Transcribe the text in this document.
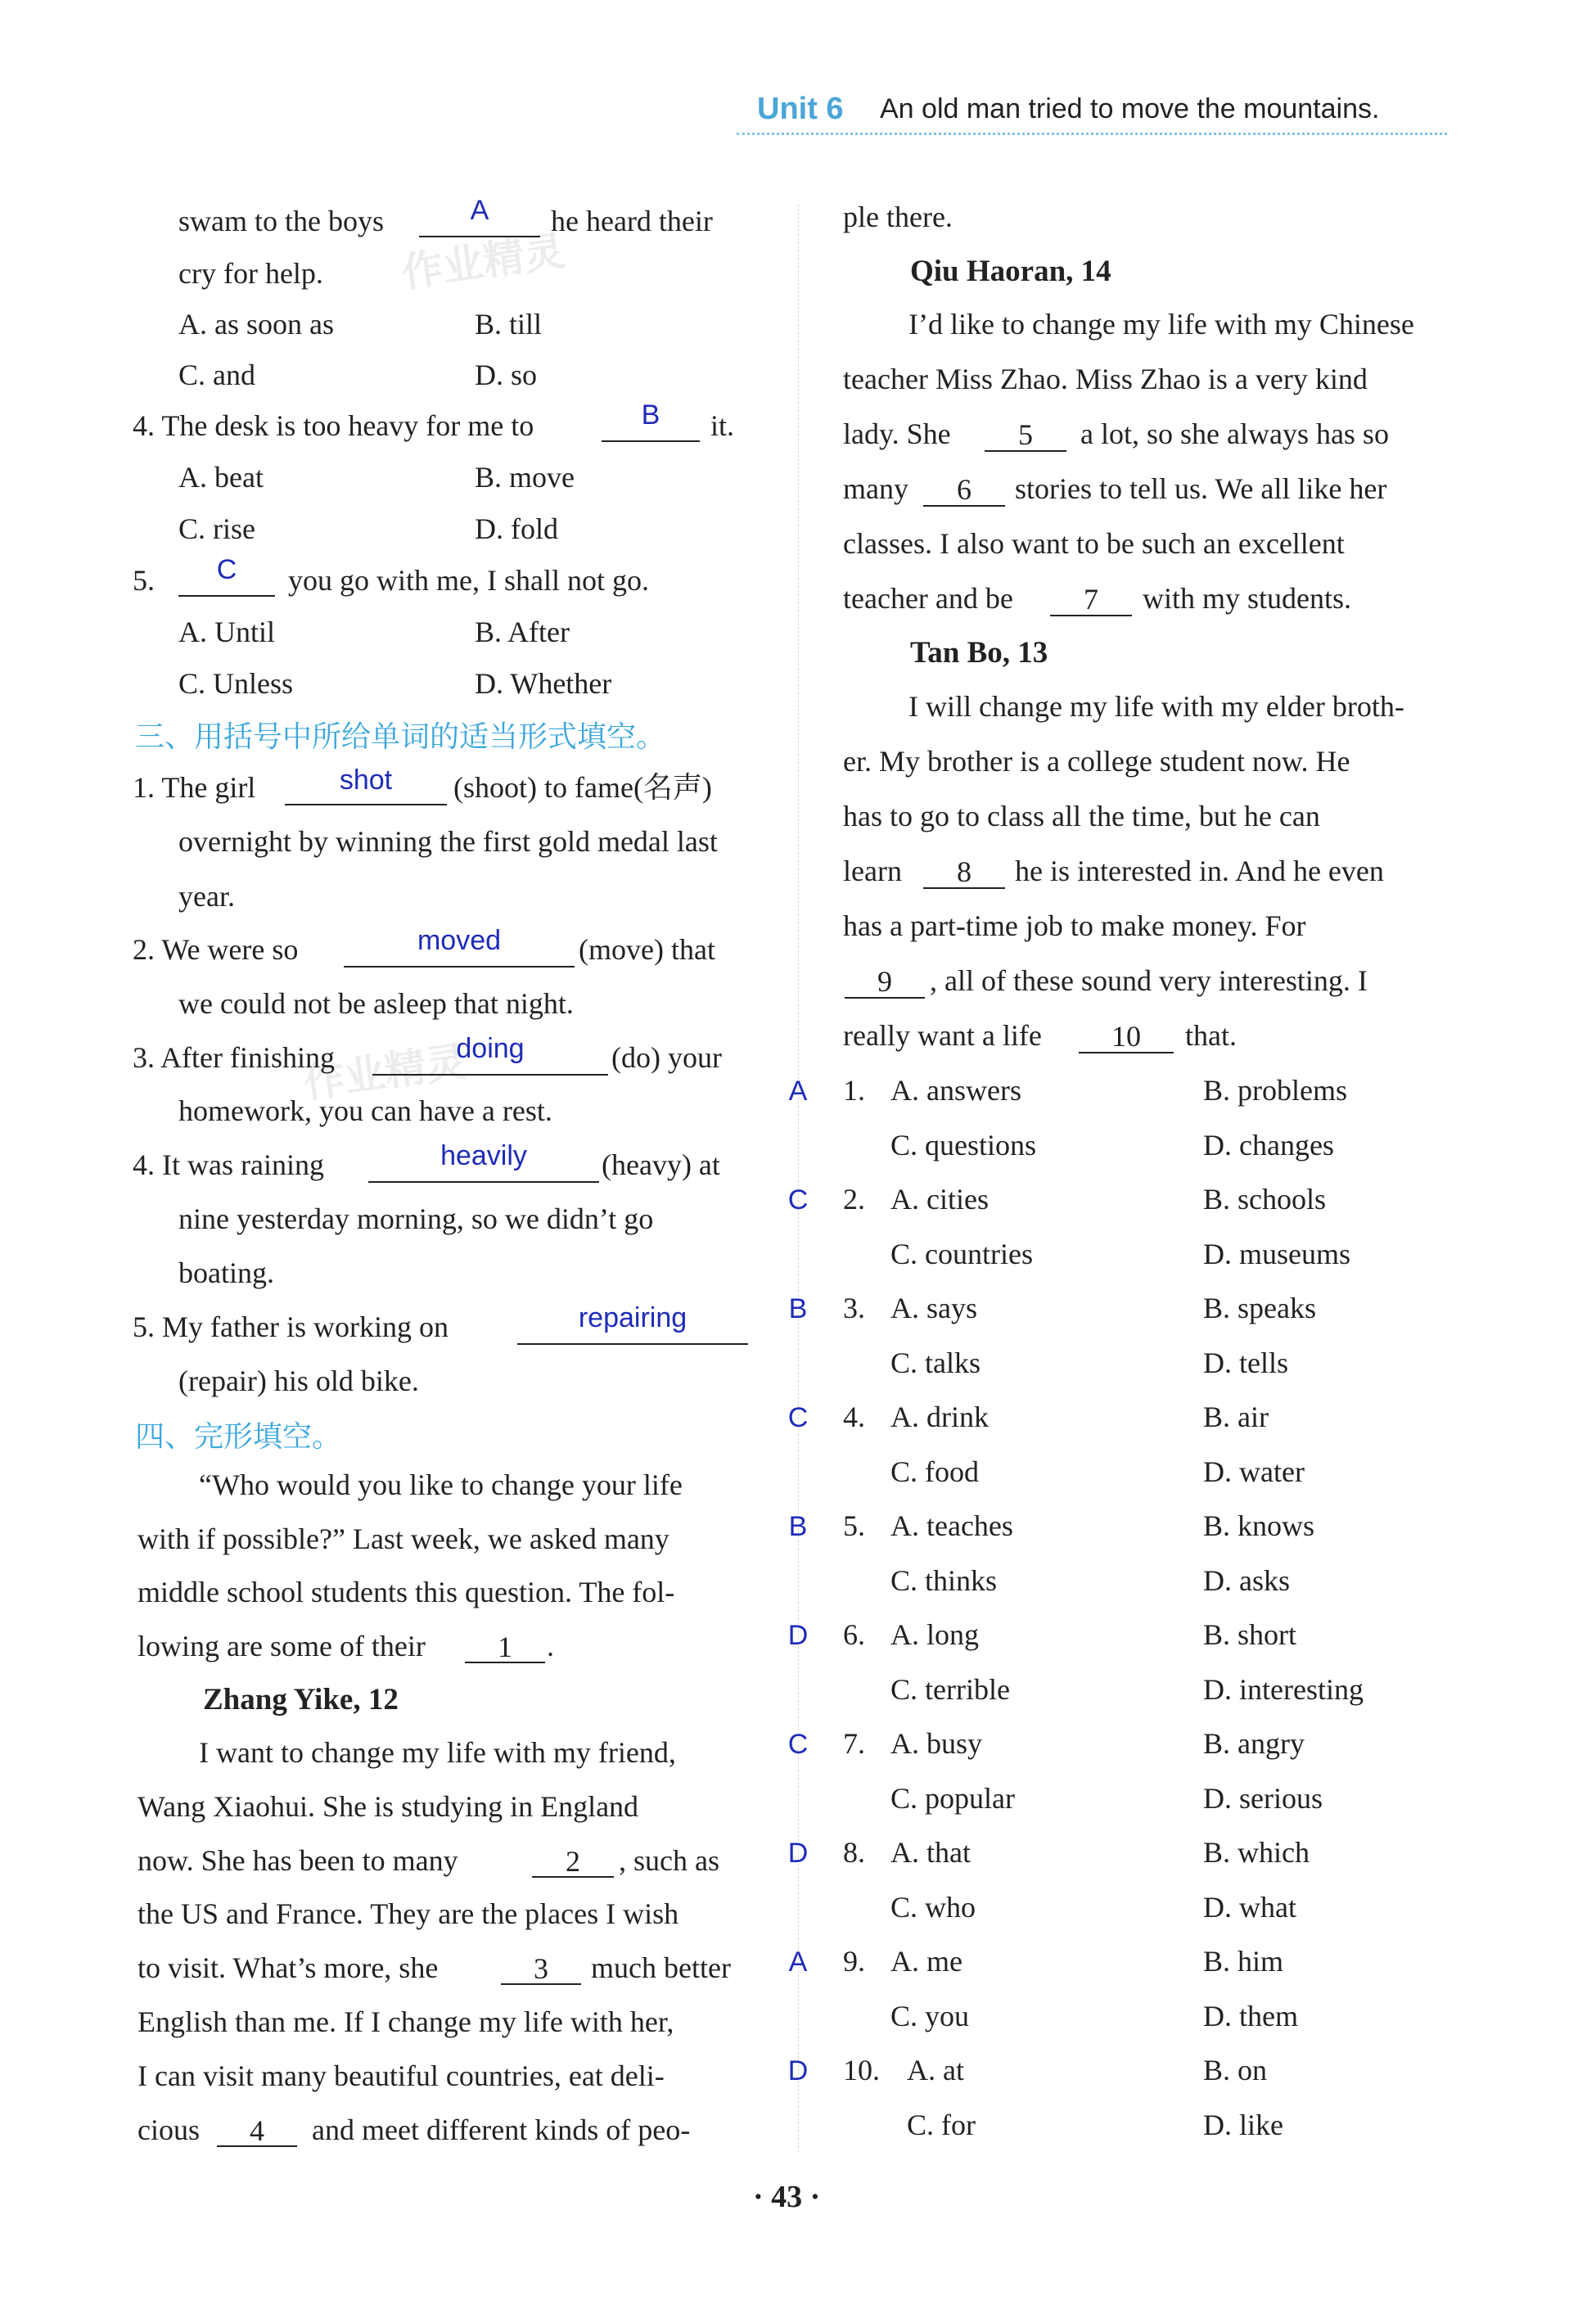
Unit 6 An old man tried to move the mountains.
作业精灵
作业精灵
swam to the boys	A	he heard their
cry for help.
A. as soon as	B. till
C. and	D. so
4. The desk is too heavy for me to	B	it.
A. beat	B. move
C. rise	D. fold
5.	C	you go with me, I shall not go.
A. Until	B. After
C. Unless	D. Whether
三、用括号中所给单词的适当形式填空。
1. The girl	shot	(shoot) to fame(名声)
overnight by winning the first gold medal last
year.
2. We were so	moved	(move) that
we could not be asleep that night.
3. After finishing	doing	(do) your
homework, you can have a rest.
4. It was raining	heavily	(heavy) at
nine yesterday morning, so we didn’t go
boating.
5. My father is working on	repairing
(repair) his old bike.
四、完形填空。
“Who would you like to change your life
with if possible?” Last week, we asked many
middle school students this question. The fol-
lowing are some of their	1	.
Zhang Yike, 12
I want to change my life with my friend,
Wang Xiaohui. She is studying in England
now. She has been to many	2	, such as
the US and France. They are the places I wish
to visit. What’s more, she	3	much better
English than me. If I change my life with her,
I can visit many beautiful countries, eat deli-
cious	4	and meet different kinds of peo-
ple there.
Qiu Haoran, 14
I’d like to change my life with my Chinese
teacher Miss Zhao. Miss Zhao is a very kind
lady. She	5	a lot, so she always has so
many	6	stories to tell us. We all like her
classes. I also want to be such an excellent
teacher and be	7	with my students.
Tan Bo, 13
I will change my life with my elder broth-
er. My brother is a college student now. He
has to go to class all the time, but he can
learn	8	he is interested in. And he even
has a part-time job to make money. For
9	, all of these sound very interesting. I
really want a life	10	that.
A 1. A. answers	B. problems
C. questions	D. changes
C 2. A. cities	B. schools
C. countries	D. museums
B 3. A. says	B. speaks
C. talks	D. tells
C 4. A. drink	B. air
C. food	D. water
B 5. A. teaches	B. knows
C. thinks	D. asks
D 6. A. long	B. short
C. terrible	D. interesting
C 7. A. busy	B. angry
C. popular	D. serious
D 8. A. that	B. which
C. who	D. what
A 9. A. me	B. him
C. you	D. them
D 10. A. at	B. on
C. for	D. like
· 43 ·
